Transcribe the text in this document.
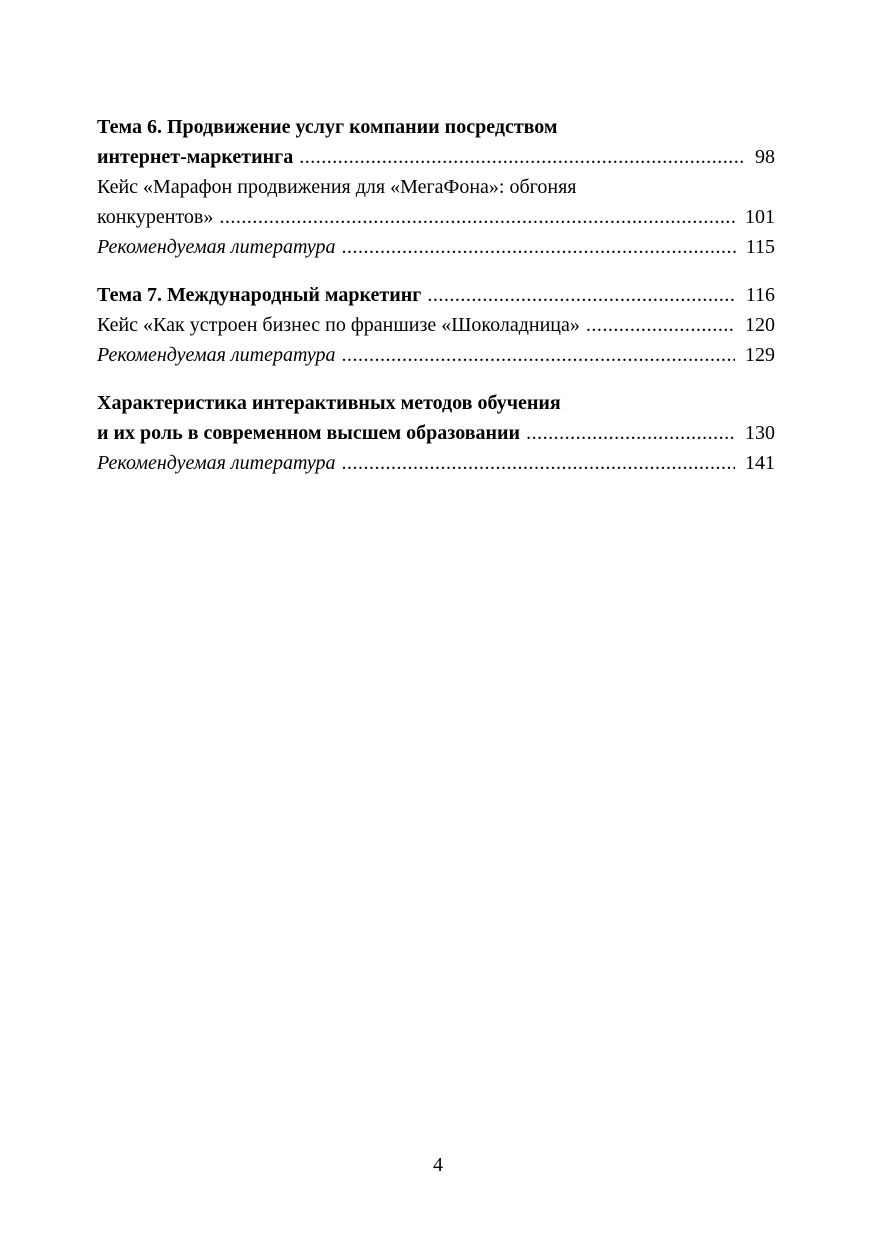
Тема 6. Продвижение услуг компании посредством
интернет-маркетинга .....	98
Кейс «Марафон продвижения для «МегаФона»: обгоняя
конкурентов» .....	101
Рекомендуемая литература .....	115
Тема 7. Международный маркетинг .....	116
Кейс «Как устроен бизнес по франшизе «Шоколадница» .....	120
Рекомендуемая литература .....	129
Характеристика интерактивных методов обучения
и их роль в современном высшем образовании .....	130
Рекомендуемая литература .....	141
4
